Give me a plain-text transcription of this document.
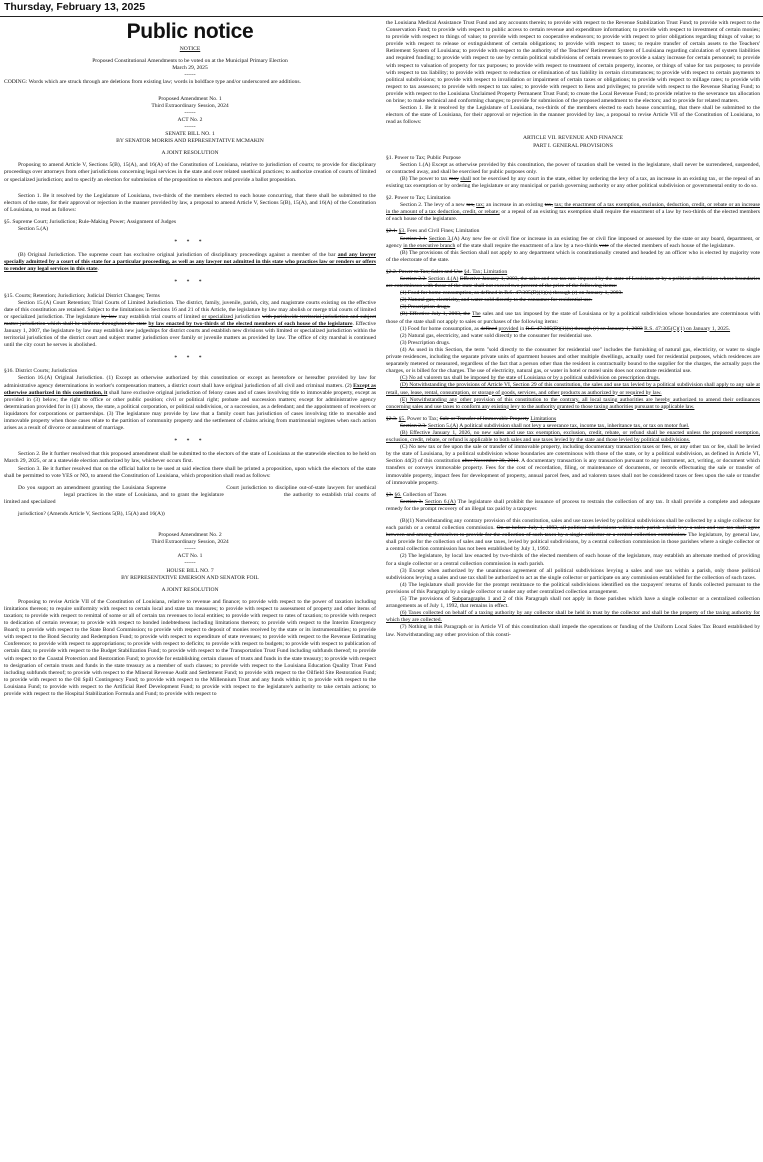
Thursday, February 13, 2025
Public notice

NOTICE

Proposed Constitutional Amendments to be voted on at the Municipal Primary Election

March 29, 2025

------

CODING: Words which are struck through are deletions from existing law; words in boldface type and/or underscored are additions.

Proposed Amendment No. 1

Third Extraordinary Session, 2024

------

ACT No. 2

------

SENATE BILL NO. 1

BY SENATOR MORRIS AND REPRESENTATIVE MCMAKIN

A JOINT RESOLUTION

Proposing to amend Article V, Sections 5(B), 15(A), and 16(A) of the Constitution of Louisiana, relative to jurisdiction of courts; to provide for disciplinary proceedings over attorneys from other jurisdictions concerning legal services in the state and over related unethical practices; to authorize creation of courts of limited or specialized jurisdiction; and to specify an election for submission of the proposition to electors and provide a ballot proposition.

Section 1. Be it resolved by the Legislature of Louisiana, two-thirds of the members elected to each house concurring, that there shall be submitted to the electors of the state, for their approval or rejection in the manner provided by law, a proposal to amend Article V, Sections 5(B), 15(A), and 16(A) of the Constitution of Louisiana, to read as follows:

§5. Supreme Court; Jurisdiction; Rule-Making Power; Assignment of Judges

Section 5.(A)

* * *

(B) Original Jurisdiction. The supreme court has exclusive original jurisdiction of disciplinary proceedings against a member of the bar and any lawyer specially admitted by a court of this state for a particular proceeding, as well as any lawyer not admitted in this state who practices law or renders or offers to render any legal services in this state.

* * *

§15. Courts; Retention; Jurisdiction; Judicial District Changes; Terms

Section 15.(A) Court Retention; Trial Courts of Limited Jurisdiction. The district, family, juvenile, parish, city, and magistrate courts existing on the effective date of this constitution are retained. Subject to the limitations in Sections 16 and 21 of this Article, the legislature by law may abolish or merge trial courts of limited or specialized jurisdiction. The legislature by law may establish trial courts of limited or specialized jurisdiction with parishwide territorial jurisdiction and subject matter jurisdiction which shall be uniform throughout the state by law enacted by two-thirds of the elected members of each house of the legislature. Effective January 1, 2007, the legislature by law may establish new judgeships for district courts and establish new divisions with limited or specialized jurisdiction within the territorial jurisdiction of the district court and subject matter jurisdiction over family or juvenile matters as provided by law. The office of city marshal is continued until the city court he serves is abolished.

* * *

§16. District Courts; Jurisdiction

Section 16.(A) Original Jurisdiction. (1) Except as otherwise authorized by this constitution or except as heretofore or hereafter provided by law for administrative agency determinations in worker's compensation matters, a district court shall have original jurisdiction of all civil and criminal matters. (2) Except as otherwise authorized in this constitution, it shall have exclusive original jurisdiction of felony cases and of cases involving title to immovable property, except as provided in (3) below; the right to office or other public position; civil or political right; probate and succession matters; except for administrative agency determination provided for in (1) above, the state, a political corporation, or political subdivision, or a succession, as a defendant; and the appointment of receivers or liquidators for corporations or partnerships. (3) The legislature may provide by law that a family court has jurisdiction of cases involving title to movable and immovable property when those cases relate to the partition of community property and the settlement of claims arising from matrimonial regimes when such action arises as a result of divorce or annulment of marriage.

* * *

Section 2. Be it further resolved that this proposed amendment shall be submitted to the electors of the state of Louisiana at the statewide election to be held on March 29, 2025, or at a statewide election authorized by law, whichever occurs first.

Section 3. Be it further resolved that on the official ballot to be used at said election there shall be printed a proposition, upon which the electors of the state shall be permitted to vote YES or NO, to amend the Constitution of Louisiana, which proposition shall read as follows:

Do you support an amendment granting the Louisiana Supreme	Court jurisdiction to discipline out-of-state lawyers for unethicallegal practices in the state of Louisiana, and to grant the legislature	the authority to establish trial courts of limited and specialized

jurisdiction? (Amends Article V, Sections 5(B), 15(A) and 16(A))

Proposed Amendment No. 2

Third Extraordinary Session, 2024

------

ACT No. 1

------

HOUSE BILL NO. 7

BY REPRESENTATIVE EMERSON AND SENATOR FOIL

A JOINT RESOLUTION

Proposing to revise Article VII of the Constitution of Louisiana, relative to revenue and finance; to provide with respect to the power of taxation including limitations thereon; to require uniformity with respect to certain local and state tax measures; to provide with respect to assessment of property and other items of taxation; to provide with respect to remittal of some or all of certain tax revenues to local entities; to provide with respect to rates of taxation; to provide with respect to dedication of certain revenue; to provide with respect to bonded indebtedness including limitations thereon; to provide with respect to the Interim Emergency Board; to provide with respect to the State Bond Commission; to provide with respect to deposit of monies received by the state or its instrumentalities; to provide with respect to the Bond Security and Redemption Fund; to provide with respect to expenditure of state revenues; to provide with respect to the Revenue Estimating Conference; to provide with respect to appropriations; to provide with respect to deficits; to provide with respect to budgets; to provide with respect to publication of certain data; to provide with respect to the Budget Stabilization Fund; to provide with respect to the Transportation Trust Fund including subfunds thereof; to provide with respect to the Coastal Protection and Restoration Fund; to provide for establishing certain classes of trusts and funds in the state treasury; to provide with respect to designation of certain trusts and funds in the state treasury as a member of such classes; to provide with respect to the Louisiana Education Quality Trust Fund including subfunds thereof; to provide with respect to the Mineral Revenue Audit and Settlement Fund; to provide with respect to the Oilfield Site Restoration Fund; to provide with respect to the Oil Spill Contingency Fund; to provide with respect to the Millennium Trust and any funds within it; to provide with respect to the Louisiana Fund; to provide with respect to the Artificial Reef Development Fund; to provide with respect to the legislature's authority to take certain actions; to provide with respect to the Hospital Stabilization Formula and Fund; to provide with respect to

the Louisiana Medical Assistance Trust Fund and any accounts therein; to provide with respect to the Revenue Stabilization Trust Fund; to provide with respect to the Conservation Fund; to provide with respect to public access to certain revenue and expenditure information; to provide with respect to investment of certain monies; to provide with respect to things of value; to provide with respect to cooperative endeavors; to provide with respect to prior obligations regarding things of value; to provide with respect to release or extinguishment of certain obligations; to provide with respect to taxes; to require transfer of certain assets to the Teachers' Retirement System of Louisiana; to provide with respect to the authority of the Teachers' Retirement System of Louisiana regarding calculation of system liabilities and required funding; to provide with respect to use by certain political subdivisions of certain revenues to provide a salary increase for certain personnel; to provide with respect to valuation of property for tax purposes; to provide with respect to treatment of certain property, income, or things of value for tax purposes; to provide with respect to tax liability; to provide with respect to reduction or elimination of tax liability in certain circumstances; to provide with respect to certain payments to political subdivisions; to provide with respect to invalidation or impairment of certain taxes or obligations; to provide with respect to millage rates; to provide with respect to tax assessors; to provide with respect to tax sales; to provide with respect to liens and privileges; to provide with respect to the Revenue Sharing Fund; to provide with respect to the Louisiana Unclaimed Property Permanent Trust Fund; to create the Local Revenue Fund; to provide relative to the severance tax allocation on brine; to make technical and conforming changes; to provide for submission of the proposed amendment to the electors; and to provide for related matters.

Section 1. Be it resolved by the Legislature of Louisiana, two-thirds of the members elected to each house concurring, that there shall be submitted to the electors of the state of Louisiana, for their approval or rejection in the manner provided by law, a proposal to revise Article VII of the Constitution of Louisiana, to read as follows:

ARTICLE VII. REVENUE AND FINANCE

PART I. GENERAL PROVISIONS

§1. Power to Tax; Public Purpose

Section 1.(A) Except as otherwise provided by this constitution, the power of taxation shall be vested in the legislature, shall never be surrendered, suspended, or contracted away, and shall be exercised for public purposes only.

(B) The power to tax may shall not be exercised by any court in the state, either by ordering the levy of a tax, an increase in an existing tax, or the repeal of an existing tax exemption or by ordering the legislature or any municipal or parish governing authority or any other political subdivision or governmental entity to do so.

§2. Power to Tax; Limitation

Section 2. The levy of a new tax, tax; an increase in an existing tax, tax; the enactment of a tax exemption, exclusion, deduction, credit, or rebate or an increase in the amount of a tax deduction, credit, or rebate; or a repeal of an existing tax exemption shall require the enactment of a law by two-thirds of the elected members of each house of the legislature.

§2.1. §3. Fees and Civil Fines; Limitation

Section 2.1. Section 3.(A) Any new fee or civil fine or increase in an existing fee or civil fine imposed or assessed by the state or any board, department, or agency in the executive branch of the state shall require the enactment of a law by a two-thirds vote of the elected members of each house of the legislature.

(B) The provisions of this Section shall not apply to any department which is constitutionally created and headed by an officer who is elected by majority vote of the electorate of the state.

§2.2. Power to Tax; Sales and Use §4. Tax; Limitation

Section 2.2. Section 4.(A) Effective January 1, 2003, the sales and use tax rate imposed by the state of Louisiana or by a political subdivision whose boundaries are coterminous with those of the state shall not exceed two percent of the price of the following items:

(1) Food for home consumption, as defined in R.S. 47:305(D)(1)(n) through (r) on January 1, 2003.

(2) Natural gas, electricity, and water sold directly to the consumer for residential use.

(3) Prescription drugs.

(B) Effective July 1, 2003, the The sales and use tax imposed by the state of Louisiana or by a political subdivision whose boundaries are coterminous with those of the state shall not apply to sales or purchases of the following items:

(1) Food for home consumption, as defined provided in R.S. 47:305(D)(1)(n) through (r) on January 1, 2003 R.S. 47:305(C)(1) on January 1, 2025.

(2) Natural gas, electricity, and water sold directly to the consumer for residential use.

(3) Prescription drugs.

(4) As used in this Section, the term "sold directly to the consumer for residential use" includes the furnishing of natural gas, electricity, or water to single private residences, including the separate private units of apartment houses and other multiple dwellings, actually used for residential purposes, which residences are separately metered or measured, regardless of the fact that a person other than the resident is contractually bound to the supplier for the charges, the actually pays the charges, or is billed for the charges. The use of electricity, natural gas, or water in hotel or motel units does not constitute residential use.

(C) No ad valorem tax shall be imposed by the state of Louisiana or by a political subdivision on prescription drugs.

(D) Notwithstanding the provisions of Article VI, Section 29 of this constitution, the sales and use tax levied by a political subdivision shall apply to any sale at retail, use, lease, rental, consumption, or storage of goods, services, and other products as authorized by or required by law.

(E) Notwithstanding any other provision of this constitution to the contrary, all local taxing authorities are hereby authorized to amend their ordinances concerning sales and use taxes to conform any existing levy to the authority granted to those taxing authorities pursuant to applicable law.

§2.3. §5. Power to Tax; Sale or Transfer of Immovable Property Limitations

Section 2.3. Section 5.(A) A political subdivision shall not levy a severance tax, income tax, inheritance tax, or tax on motor fuel.

(B) Effective January 1, 2026, no new sales and use tax exemption, exclusion, credit, rebate, or refund shall be enacted unless the proposed exemption, exclusion, credit, rebate, or refund is applicable to both sales and use taxes levied by the state and those levied by political subdivisions.

(C) No new tax or fee upon the sale or transfer of immovable property, including documentary transaction taxes or fees, or any other tax or fee, shall be levied by the state of Louisiana, by a political subdivision whose boundaries are coterminous with those of the state, or by a political subdivision, as defined in Article VI, Section 44(2) of this constitution after November 30, 2011. A documentary transaction is any transaction pursuant to any instrument, act, writing, or document which transfers or conveys immovable property. Fees for the cost of recordation, filing, or maintenance of documents, or records effectuating the sale or transfer of immovable property, impact fees for development of property, annual parcel fees, and ad valorem taxes shall not be considered taxes or fees upon the sale or transfer of immovable property.

§3. §6. Collection of Taxes

Section 3. Section 6.(A) The legislature shall prohibit the issuance of process to restrain the collection of any tax. It shall provide a complete and adequate remedy for the prompt recovery of an illegal tax paid by a taxpayer.

(B)(1) Notwithstanding any contrary provision of this constitution, sales and use taxes levied by political subdivisions shall be collected by a single collector for each parish or a central collection commission. On or before July 1, 1992, all political subdivisions within each parish which levy a sales and use tax shall agree between and among themselves to provide for the collection of such taxes by a single collector or a central collection commission. The legislature, by general law, shall provide for the collection of sales and use taxes, levied by political subdivisions, by a central collection commission in those parishes where a single collector or a central collection commission has not been established by July 1, 1992.

(2) The legislature, by local law enacted by two-thirds of the elected members of each house of the legislature, may establish an alternate method of providing for a single collector or a central collection commission in each parish.

(3) Except when authorized by the unanimous agreement of all political subdivisions levying a sales and use tax within a parish, only those political subdivisions levying a sales and use tax shall be authorized to act as the single collector or participate on any commission established for the collection of such taxes.

(4) The legislature shall provide for the prompt remittance to the political subdivisions identified on the taxpayers' returns of funds collected pursuant to the provisions of this Paragraph by a single collector or under any other centralized collection arrangement.

(5) The provisions of Subparagraphs 1 and 2 of this Paragraph shall not apply in those parishes which have a single collector or a centralized collection arrangements as of July 1, 1992, that remains in effect.

(6) Taxes collected on behalf of a taxing authority by any collector shall be held in trust by the collector and shall be the property of the taxing authority for which they are collected.

(7) Nothing in this Paragraph or in Article VI of this constitution shall impede the operations or funding of the Uniform Local Sales Tax Board established by law. Notwithstanding any other provision of this consti-
